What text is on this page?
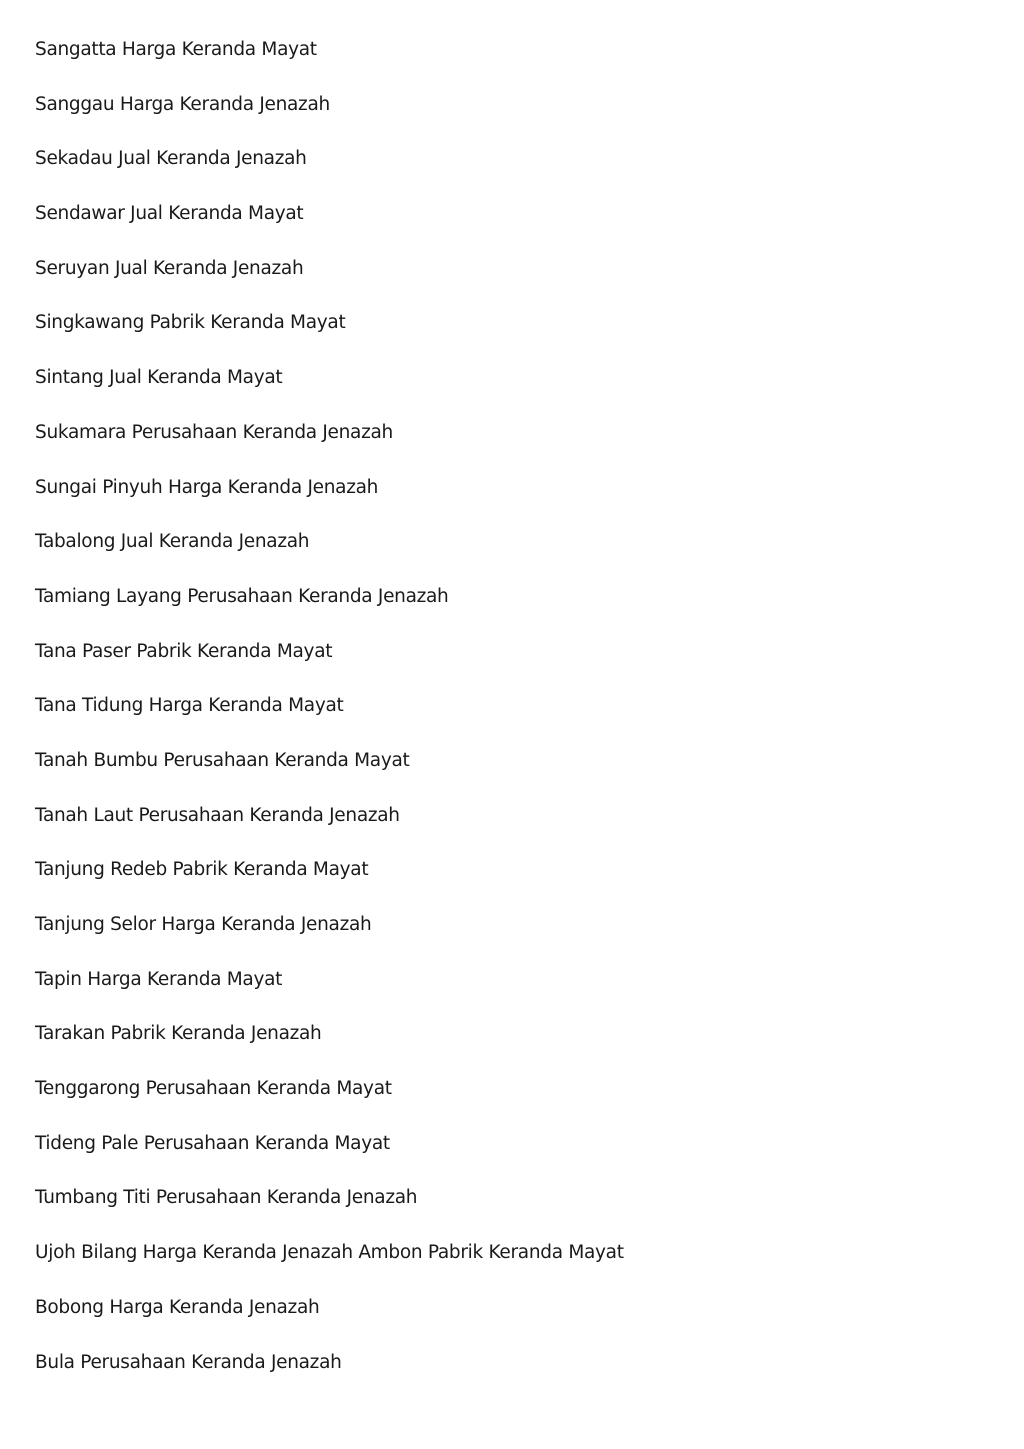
Sangatta Harga Keranda Mayat
Sanggau Harga Keranda Jenazah
Sekadau Jual Keranda Jenazah
Sendawar Jual Keranda Mayat
Seruyan Jual Keranda Jenazah
Singkawang Pabrik Keranda Mayat
Sintang Jual Keranda Mayat
Sukamara Perusahaan Keranda Jenazah
Sungai Pinyuh Harga Keranda Jenazah
Tabalong Jual Keranda Jenazah
Tamiang Layang Perusahaan Keranda Jenazah
Tana Paser Pabrik Keranda Mayat
Tana Tidung Harga Keranda Mayat
Tanah Bumbu Perusahaan Keranda Mayat
Tanah Laut Perusahaan Keranda Jenazah
Tanjung Redeb Pabrik Keranda Mayat
Tanjung Selor Harga Keranda Jenazah
Tapin Harga Keranda Mayat
Tarakan Pabrik Keranda Jenazah
Tenggarong Perusahaan Keranda Mayat
Tideng Pale Perusahaan Keranda Mayat
Tumbang Titi Perusahaan Keranda Jenazah
Ujoh Bilang Harga Keranda Jenazah Ambon Pabrik Keranda Mayat
Bobong Harga Keranda Jenazah
Bula Perusahaan Keranda Jenazah
